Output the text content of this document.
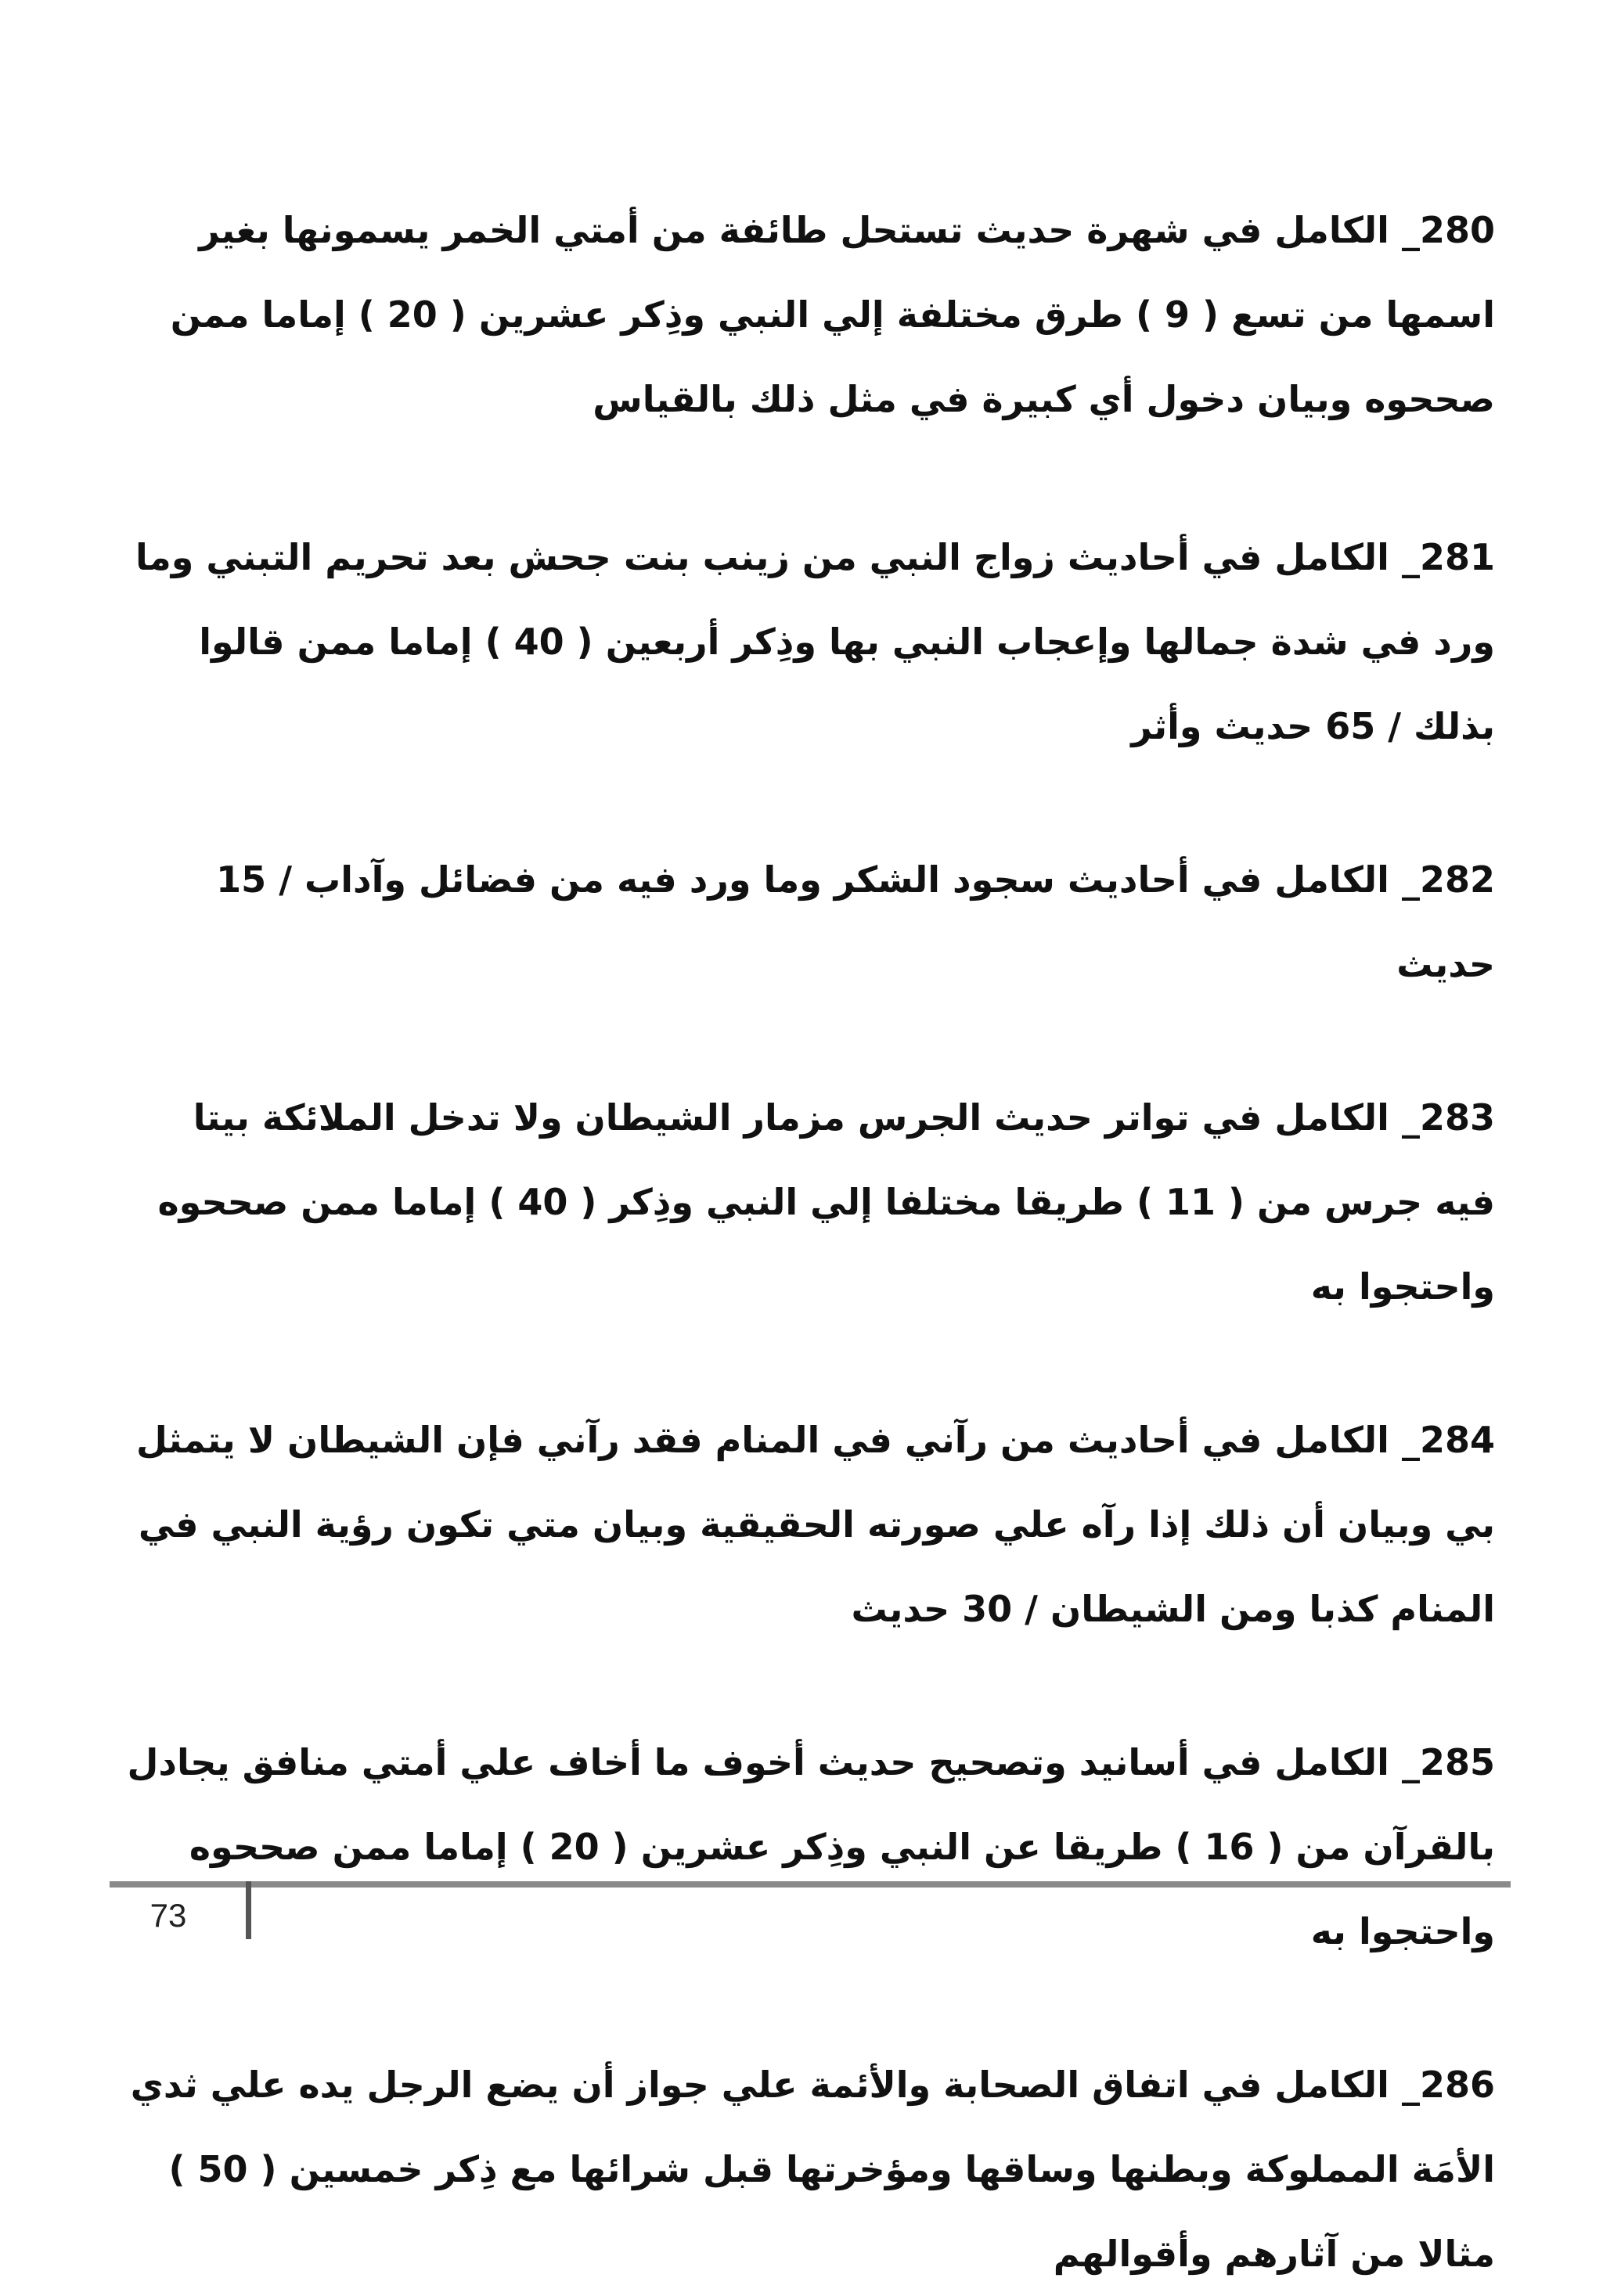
280_ الكامل في شهرة حديث تستحل طائفة من أمتي الخمر يسمونها بغير اسمها من تسع ( 9 ) طرق مختلفة إلي النبي وذِكر عشرين ( 20 ) إماما ممن صححوه وبيان دخول أي كبيرة في مثل ذلك بالقياس

281_ الكامل في أحاديث زواج النبي من زينب بنت جحش بعد تحريم التبني وما ورد في شدة جمالها وإعجاب النبي بها وذِكر أربعين ( 40 ) إماما ممن قالوا بذلك / 65 حديث وأثر

282_ الكامل في أحاديث سجود الشكر وما ورد فيه من فضائل وآداب / 15 حديث

283_ الكامل في تواتر حديث الجرس مزمار الشيطان ولا تدخل الملائكة بيتا فيه جرس من ( 11 ) طريقا مختلفا إلي النبي وذِكر ( 40 ) إماما ممن صححوه واحتجوا به

284_ الكامل في أحاديث من رآني في المنام فقد رآني فإن الشيطان لا يتمثل بي وبيان أن ذلك إذا رآه علي صورته الحقيقية وبيان متي تكون رؤية النبي في المنام كذبا ومن الشيطان / 30 حديث

285_ الكامل في أسانيد وتصحيح حديث أخوف ما أخاف علي أمتي منافق يجادل بالقرآن من ( 16 ) طريقا عن النبي وذِكر عشرين ( 20 ) إماما ممن صححوه واحتجوا به

286_ الكامل في اتفاق الصحابة والأئمة علي جواز أن يضع الرجل يده علي ثدي الأمَة المملوكة وبطنها وساقها ومؤخرتها قبل شرائها مع ذِكر خمسين ( 50 ) مثالا من آثارهم وأقوالهم

73
